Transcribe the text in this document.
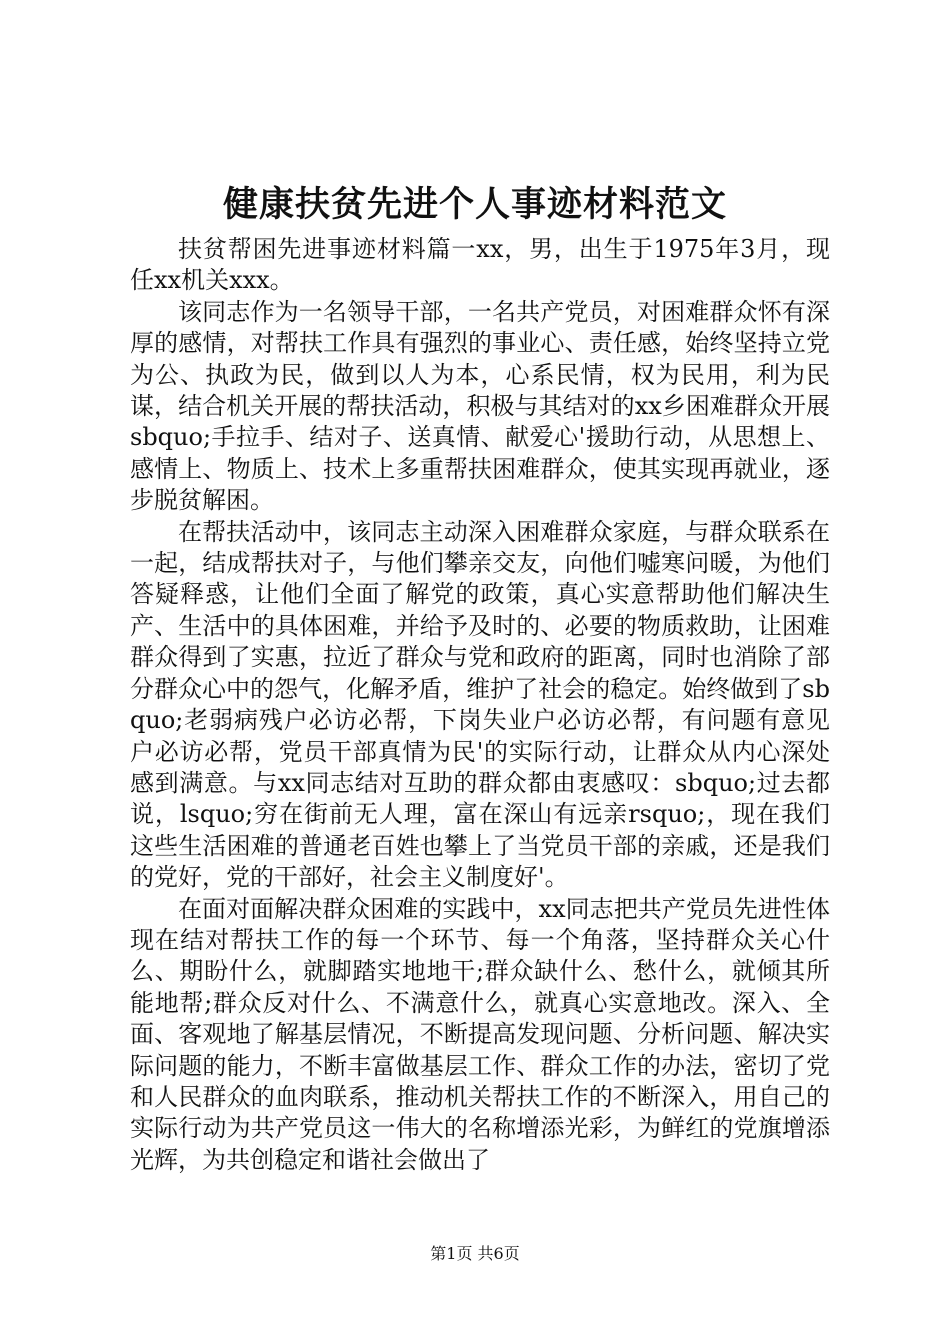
健康扶贫先进个人事迹材料范文

扶贫帮困先进事迹材料篇一xx，男，出生于1975年3月，现任xx机关xxx。

该同志作为一名领导干部，一名共产党员，对困难群众怀有深厚的感情，对帮扶工作具有强烈的事业心、责任感，始终坚持立党为公、执政为民，做到以人为本，心系民情，权为民用，利为民谋，结合机关开展的帮扶活动，积极与其结对的xx乡困难群众开展sbquo;手拉手、结对子、送真情、献爱心'援助行动，从思想上、感情上、物质上、技术上多重帮扶困难群众，使其实现再就业，逐步脱贫解困。

在帮扶活动中，该同志主动深入困难群众家庭，与群众联系在一起，结成帮扶对子，与他们攀亲交友，向他们嘘寒问暖，为他们答疑释惑，让他们全面了解党的政策，真心实意帮助他们解决生产、生活中的具体困难，并给予及时的、必要的物质救助，让困难群众得到了实惠，拉近了群众与党和政府的距离，同时也消除了部分群众心中的怨气，化解矛盾，维护了社会的稳定。始终做到了sbquo;老弱病残户必访必帮，下岗失业户必访必帮，有问题有意见户必访必帮，党员干部真情为民'的实际行动，让群众从内心深处感到满意。与xx同志结对互助的群众都由衷感叹：sbquo;过去都说，lsquo;穷在街前无人理，富在深山有远亲rsquo;，现在我们这些生活困难的普通老百姓也攀上了当党员干部的亲戚，还是我们的党好，党的干部好，社会主义制度好'。

在面对面解决群众困难的实践中，xx同志把共产党员先进性体现在结对帮扶工作的每一个环节、每一个角落，坚持群众关心什么、期盼什么，就脚踏实地地干;群众缺什么、愁什么，就倾其所能地帮;群众反对什么、不满意什么，就真心实意地改。深入、全面、客观地了解基层情况，不断提高发现问题、分析问题、解决实际问题的能力，不断丰富做基层工作、群众工作的办法，密切了党和人民群众的血肉联系，推动机关帮扶工作的不断深入，用自己的实际行动为共产党员这一伟大的名称增添光彩，为鲜红的党旗增添光辉，为共创稳定和谐社会做出了

第1页 共6页
